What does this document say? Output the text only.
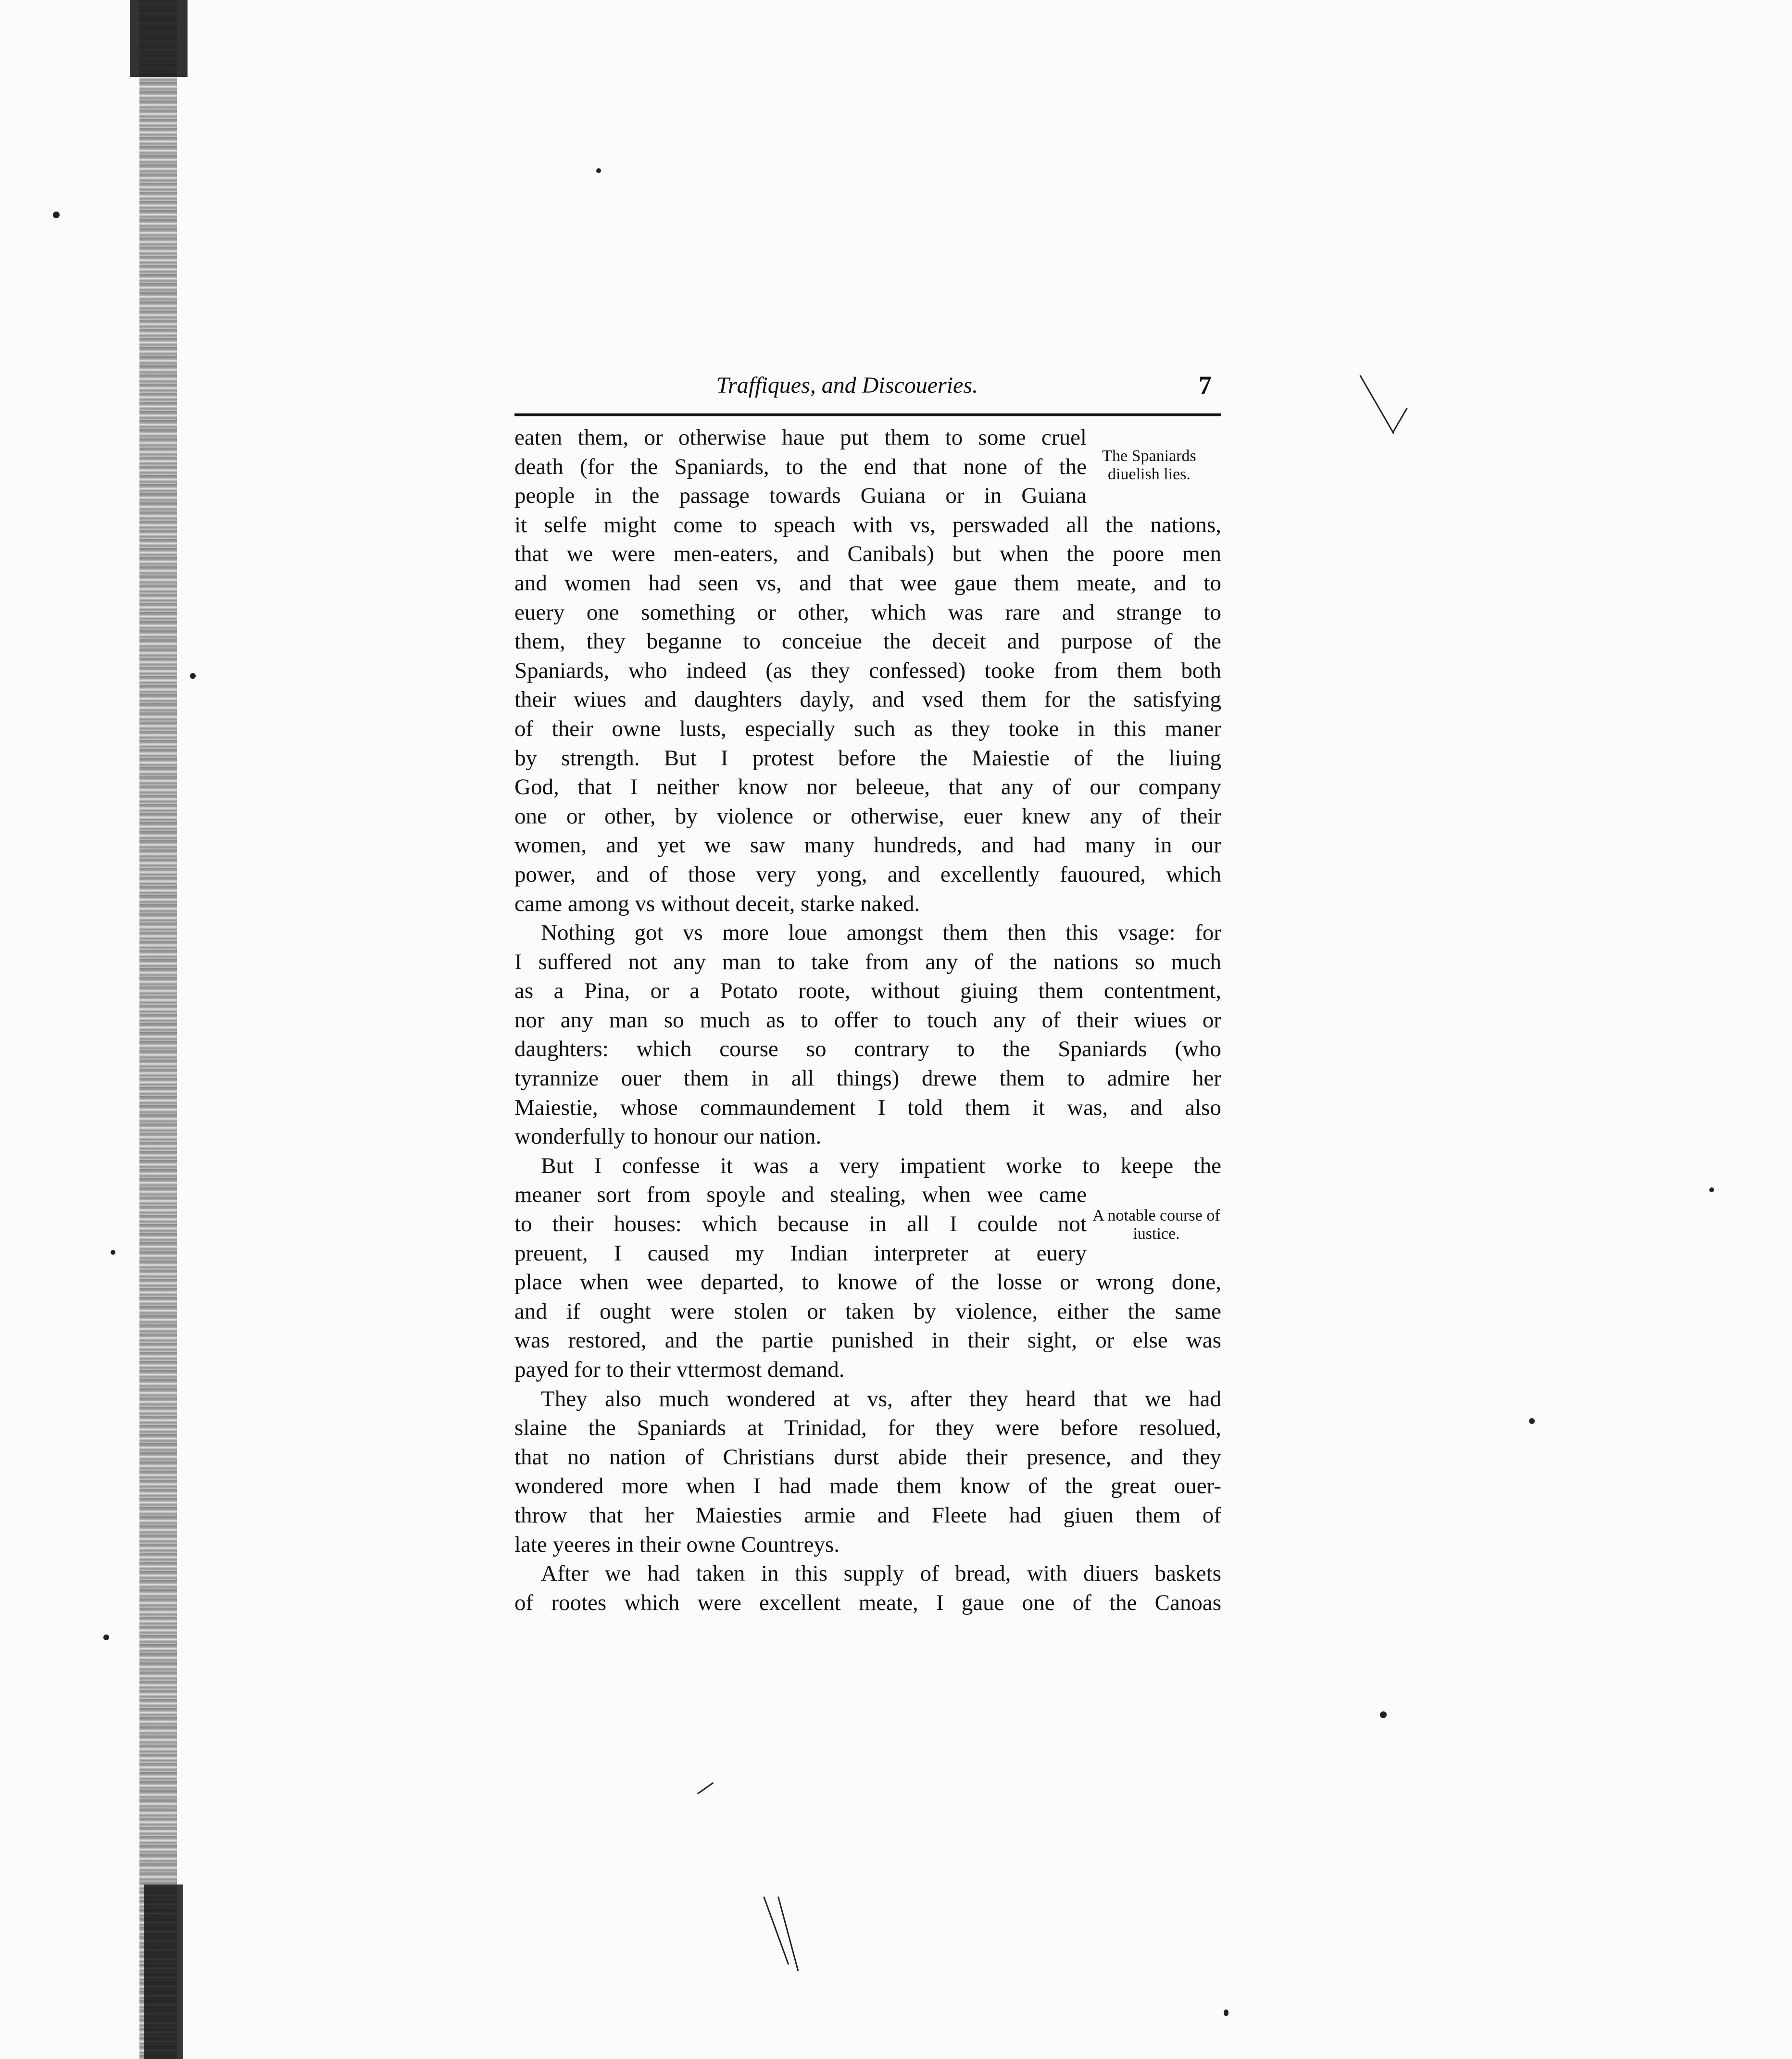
Traffiques, and Discoueries.	7

eaten them, or otherwise haue put them to some cruel
death (for the Spaniards, to the end that none of the
people in the passage towards Guiana or in Guiana
it selfe might come to speach with vs, perswaded all the nations,
that we were men-eaters, and Canibals) but when the poore men
and women had seen vs, and that wee gaue them meate, and to
euery one something or other, which was rare and strange to
them, they beganne to conceiue the deceit and purpose of the
Spaniards, who indeed (as they confessed) tooke from them both
their wiues and daughters dayly, and vsed them for the satisfying
of their owne lusts, especially such as they tooke in this maner
by strength. But I protest before the Maiestie of the liuing
God, that I neither know nor beleeue, that any of our company
one or other, by violence or otherwise, euer knew any of their
women, and yet we saw many hundreds, and had many in our
power, and of those very yong, and excellently fauoured, which
came among vs without deceit, starke naked.

Nothing got vs more loue amongst them then this vsage: for
I suffered not any man to take from any of the nations so much
as a Pina, or a Potato roote, without giuing them contentment,
nor any man so much as to offer to touch any of their wiues or
daughters: which course so contrary to the Spaniards (who
tyrannize ouer them in all things) drewe them to admire her
Maiestie, whose commaundement I told them it was, and also
wonderfully to honour our nation.

But I confesse it was a very impatient worke to keepe the
meaner sort from spoyle and stealing, when wee came
to their houses: which because in all I coulde not
preuent, I caused my Indian interpreter at euery
place when wee departed, to knowe of the losse or wrong done,
and if ought were stolen or taken by violence, either the same
was restored, and the partie punished in their sight, or else was
payed for to their vttermost demand.

They also much wondered at vs, after they heard that we had
slaine the Spaniards at Trinidad, for they were before resolued,
that no nation of Christians durst abide their presence, and they
wondered more when I had made them know of the great ouer-
throw that her Maiesties armie and Fleete had giuen them of
late yeeres in their owne Countreys.

After we had taken in this supply of bread, with diuers baskets
of rootes which were excellent meate, I gaue one of the Canoas

The Spaniards diuelish lies.
A notable course of iustice.
